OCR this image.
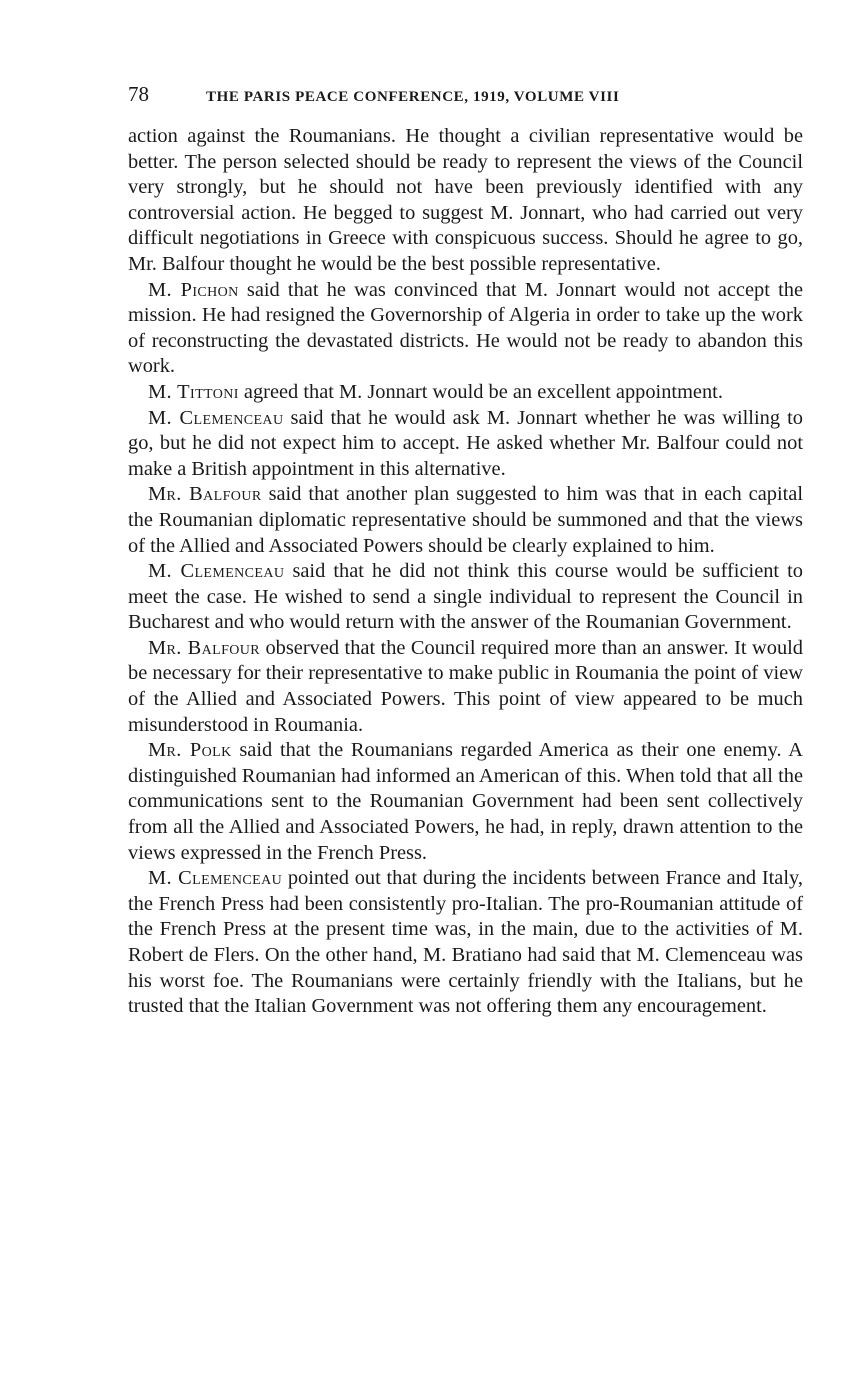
78	THE PARIS PEACE CONFERENCE, 1919, VOLUME VIII

action against the Roumanians. He thought a civilian representative would be better. The person selected should be ready to represent the views of the Council very strongly, but he should not have been previously identified with any controversial action. He begged to suggest M. Jonnart, who had carried out very difficult negotiations in Greece with conspicuous success. Should he agree to go, Mr. Balfour thought he would be the best possible representative.

M. Pichon said that he was convinced that M. Jonnart would not accept the mission. He had resigned the Governorship of Algeria in order to take up the work of reconstructing the devastated districts. He would not be ready to abandon this work.

M. Tittoni agreed that M. Jonnart would be an excellent appointment.

M. Clemenceau said that he would ask M. Jonnart whether he was willing to go, but he did not expect him to accept. He asked whether Mr. Balfour could not make a British appointment in this alternative.

Mr. Balfour said that another plan suggested to him was that in each capital the Roumanian diplomatic representative should be summoned and that the views of the Allied and Associated Powers should be clearly explained to him.

M. Clemenceau said that he did not think this course would be sufficient to meet the case. He wished to send a single individual to represent the Council in Bucharest and who would return with the answer of the Roumanian Government.

Mr. Balfour observed that the Council required more than an answer. It would be necessary for their representative to make public in Roumania the point of view of the Allied and Associated Powers. This point of view appeared to be much misunderstood in Roumania.

Mr. Polk said that the Roumanians regarded America as their one enemy. A distinguished Roumanian had informed an American of this. When told that all the communications sent to the Roumanian Government had been sent collectively from all the Allied and Associated Powers, he had, in reply, drawn attention to the views expressed in the French Press.

M. Clemenceau pointed out that during the incidents between France and Italy, the French Press had been consistently pro-Italian. The pro-Roumanian attitude of the French Press at the present time was, in the main, due to the activities of M. Robert de Flers. On the other hand, M. Bratiano had said that M. Clemenceau was his worst foe. The Roumanians were certainly friendly with the Italians, but he trusted that the Italian Government was not offering them any encouragement.
